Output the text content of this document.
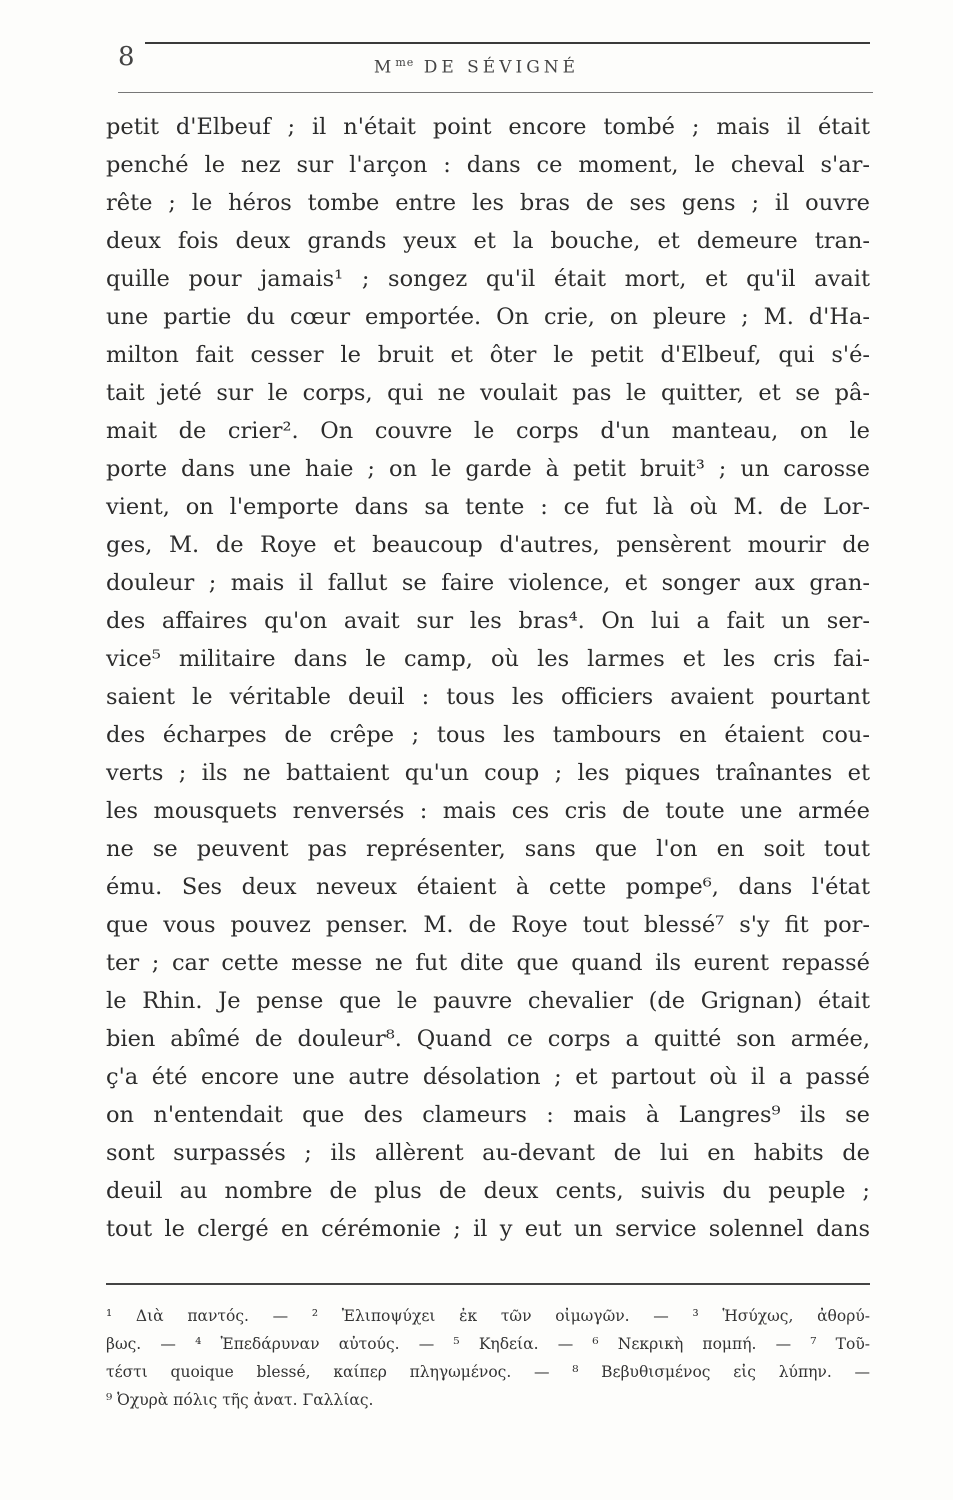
8	$M^{me}$ DE SÉVIGNÉ
petit d'Elbeuf ; il n'était point encore tombé ; mais il était
penché le nez sur l'arçon : dans ce moment, le cheval s'ar-
rête ; le héros tombe entre les bras de ses gens ; il ouvre
deux fois deux grands yeux et la bouche, et demeure tran-
quille pour jamais¹ ; songez qu'il était mort, et qu'il avait
une partie du cœur emportée. On crie, on pleure ; M. d'Ha-
milton fait cesser le bruit et ôter le petit d'Elbeuf, qui s'é-
tait jeté sur le corps, qui ne voulait pas le quitter, et se pâ-
mait de crier². On couvre le corps d'un manteau, on le
porte dans une haie ; on le garde à petit bruit³ ; un carosse
vient, on l'emporte dans sa tente : ce fut là où M. de Lor-
ges, M. de Roye et beaucoup d'autres, pensèrent mourir de
douleur ; mais il fallut se faire violence, et songer aux gran-
des affaires qu'on avait sur les bras⁴. On lui a fait un ser-
vice⁵ militaire dans le camp, où les larmes et les cris fai-
saient le véritable deuil : tous les officiers avaient pourtant
des écharpes de crêpe ; tous les tambours en étaient cou-
verts ; ils ne battaient qu'un coup ; les piques traînantes et
les mousquets renversés : mais ces cris de toute une armée
ne se peuvent pas représenter, sans que l'on en soit tout
ému. Ses deux neveux étaient à cette pompe⁶, dans l'état
que vous pouvez penser. M. de Roye tout blessé⁷ s'y fit por-
ter ; car cette messe ne fut dite que quand ils eurent repassé
le Rhin. Je pense que le pauvre chevalier (de Grignan) était
bien abîmé de douleur⁸. Quand ce corps a quitté son armée,
ç'a été encore une autre désolation ; et partout où il a passé
on n'entendait que des clameurs : mais à Langres⁹ ils se
sont surpassés ; ils allèrent au-devant de lui en habits de
deuil au nombre de plus de deux cents, suivis du peuple ;
tout le clergé en cérémonie ; il y eut un service solennel dans
¹ Διὰ παντός. — ² Ἐλιποψύχει ἐκ τῶν οἰμωγῶν. — ³ Ἡσύχως, ἀθορύ-
βως. — ⁴ Ἐπεδάρυναν αὐτούς. — ⁵ Κηδεία. — ⁶ Νεκρικὴ πομπή. — ⁷ Τοῦ-
τέστι quoique blessé, καίπερ πληγωμένος. — ⁸ Βεβυθισμένος εἰς λύπην. —
⁹ Ὀχυρὰ πόλις τῆς ἀνατ. Γαλλίας.
